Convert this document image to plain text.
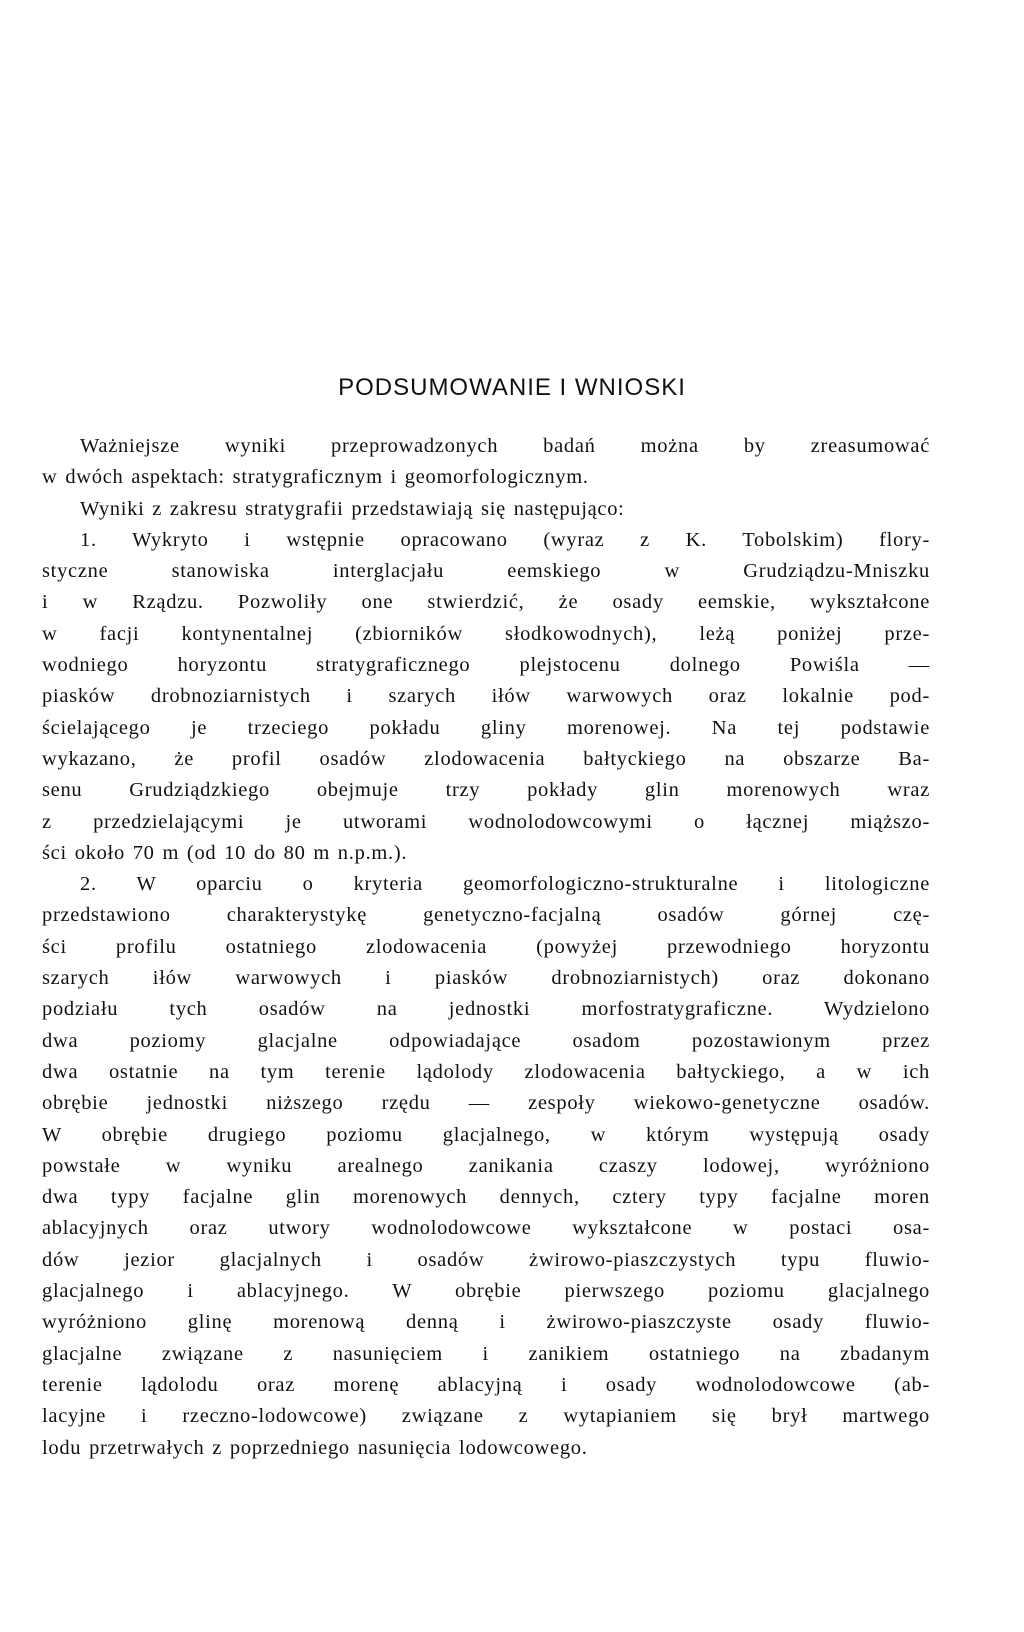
PODSUMOWANIE I WNIOSKI
Ważniejsze wyniki przeprowadzonych badań można by zreasumować
w dwóch aspektach: stratygraficznym i geomorfologicznym.
Wyniki z zakresu stratygrafii przedstawiają się następująco:
1. Wykryto i wstępnie opracowano (wyraz z K. Tobolskim) flory-
styczne stanowiska interglacjału eemskiego w Grudziądzu-Mniszku
i w Rządzu. Pozwoliły one stwierdzić, że osady eemskie, wykształcone
w facji kontynentalnej (zbiorników słodkowodnych), leżą poniżej prze-
wodniego horyzontu stratygraficznego plejstocenu dolnego Powiśla —
piasków drobnoziarnistych i szarych iłów warwowych oraz lokalnie pod-
ścielającego je trzeciego pokładu gliny morenowej. Na tej podstawie
wykazano, że profil osadów zlodowacenia bałtyckiego na obszarze Ba-
senu Grudziądzkiego obejmuje trzy pokłady glin morenowych wraz
z przedzielającymi je utworami wodnolodowcowymi o łącznej miąższo-
ści około 70 m (od 10 do 80 m n.p.m.).
2. W oparciu o kryteria geomorfologiczno-strukturalne i litologiczne
przedstawiono charakterystykę genetyczno-facjalną osadów górnej czę-
ści profilu ostatniego zlodowacenia (powyżej przewodniego horyzontu
szarych iłów warwowych i piasków drobnoziarnistych) oraz dokonano
podziału tych osadów na jednostki morfostratygraficzne. Wydzielono
dwa poziomy glacjalne odpowiadające osadom pozostawionym przez
dwa ostatnie na tym terenie lądolody zlodowacenia bałtyckiego, a w ich
obrębie jednostki niższego rzędu — zespoły wiekowo-genetyczne osadów.
W obrębie drugiego poziomu glacjalnego, w którym występują osady
powstałe w wyniku arealnego zanikania czaszy lodowej, wyróżniono
dwa typy facjalne glin morenowych dennych, cztery typy facjalne moren
ablacyjnych oraz utwory wodnolodowcowe wykształcone w postaci osa-
dów jezior glacjalnych i osadów żwirowo-piaszczystych typu fluwio-
glacjalnego i ablacyjnego. W obrębie pierwszego poziomu glacjalnego
wyróżniono glinę morenową denną i żwirowo-piaszczyste osady fluwio-
glacjalne związane z nasunięciem i zanikiem ostatniego na zbadanym
terenie lądolodu oraz morenę ablacyjną i osady wodnolodowcowe (ab-
lacyjne i rzeczno-lodowcowe) związane z wytapianiem się brył martwego
lodu przetrwałych z poprzedniego nasunięcia lodowcowego.
